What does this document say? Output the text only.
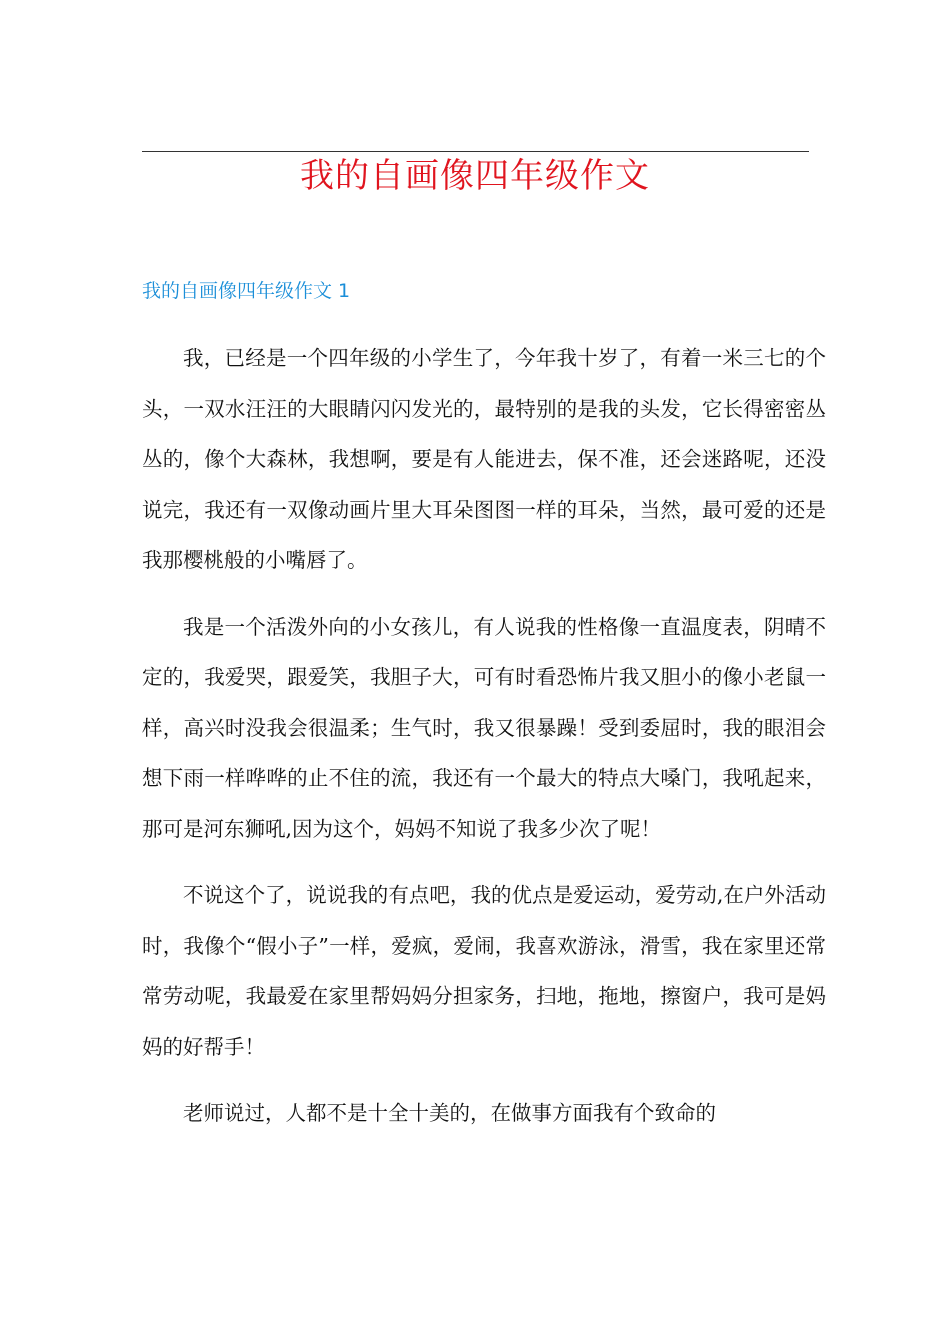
我的自画像四年级作文
我的自画像四年级作文 1

我，已经是一个四年级的小学生了，今年我十岁了，有着一米三七的个头，一双水汪汪的大眼睛闪闪发光的，最特别的是我的头发，它长得密密丛丛的，像个大森林，我想啊，要是有人能进去，保不准，还会迷路呢，还没说完，我还有一双像动画片里大耳朵图图一样的耳朵，当然，最可爱的还是我那樱桃般的小嘴唇了。

我是一个活泼外向的小女孩儿，有人说我的性格像一直温度表，阴晴不定的，我爱哭，跟爱笑，我胆子大，可有时看恐怖片我又胆小的像小老鼠一样，高兴时没我会很温柔；生气时，我又很暴躁！受到委屈时，我的眼泪会想下雨一样哗哗的止不住的流，我还有一个最大的特点大嗓门，我吼起来，那可是河东狮吼,因为这个，妈妈不知说了我多少次了呢！

不说这个了，说说我的有点吧，我的优点是爱运动，爱劳动,在户外活动时，我像个“假小子”一样，爱疯，爱闹，我喜欢游泳，滑雪，我在家里还常常劳动呢，我最爱在家里帮妈妈分担家务，扫地，拖地，擦窗户，我可是妈妈的好帮手！

老师说过，人都不是十全十美的，在做事方面我有个致命的
